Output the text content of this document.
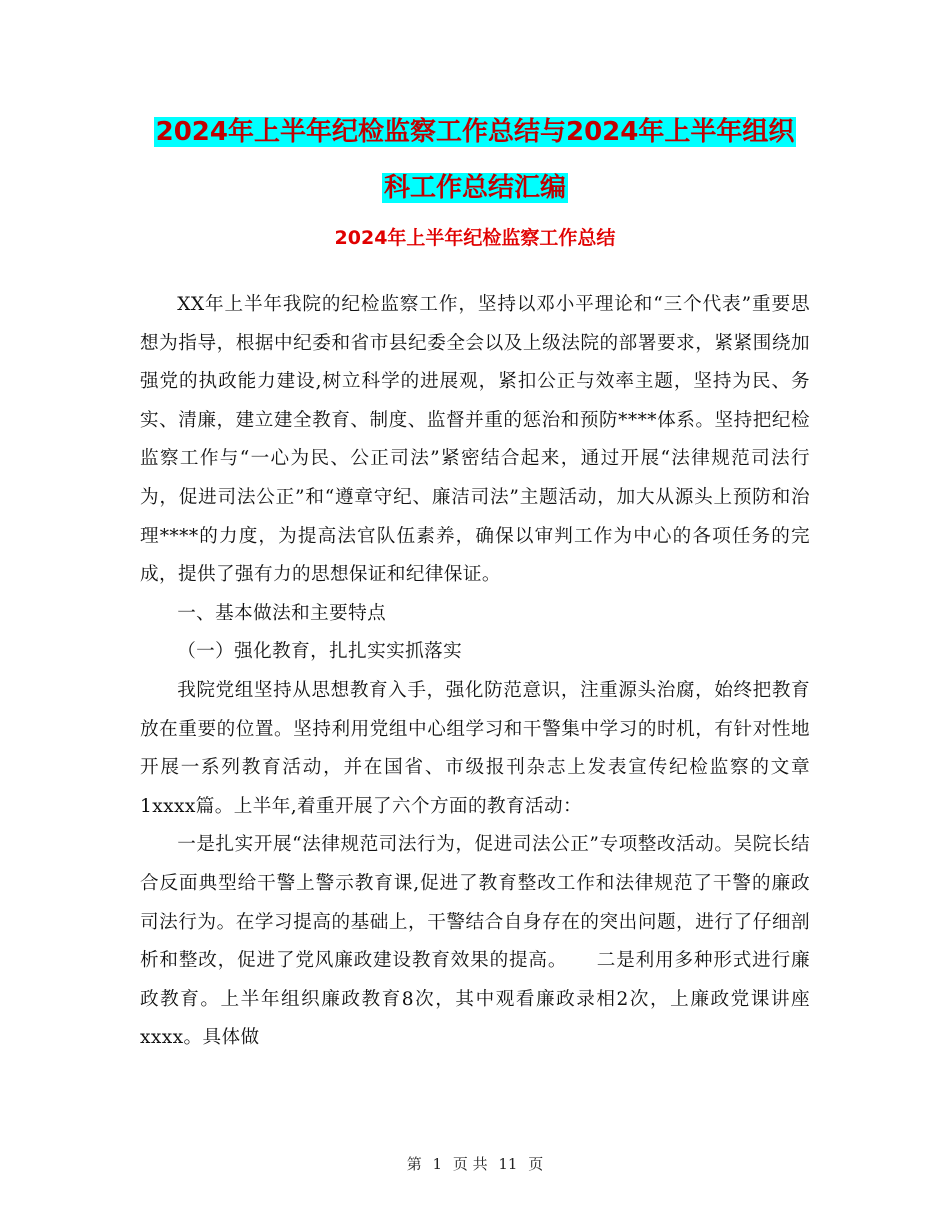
2024年上半年纪检监察工作总结与2024年上半年组织
科工作总结汇编
2024年上半年纪检监察工作总结

XX年上半年我院的纪检监察工作，坚持以邓小平理论和“三个代表”重要思想为指导，根据中纪委和省市县纪委全会以及上级法院的部署要求，紧紧围绕加强党的执政能力建设,树立科学的进展观，紧扣公正与效率主题，坚持为民、务实、清廉，建立建全教育、制度、监督并重的惩治和预防****体系。坚持把纪检监察工作与“一心为民、公正司法”紧密结合起来，通过开展“法律规范司法行为，促进司法公正”和“遵章守纪、廉洁司法”主题活动，加大从源头上预防和治理****的力度，为提高法官队伍素养，确保以审判工作为中心的各项任务的完成，提供了强有力的思想保证和纪律保证。

一、基本做法和主要特点

（一）强化教育，扎扎实实抓落实

我院党组坚持从思想教育入手，强化防范意识，注重源头治腐，始终把教育放在重要的位置。坚持利用党组中心组学习和干警集中学习的时机，有针对性地开展一系列教育活动，并在国省、市级报刊杂志上发表宣传纪检监察的文章1xxxx篇。上半年,着重开展了六个方面的教育活动：

一是扎实开展“法律规范司法行为，促进司法公正”专项整改活动。吴院长结合反面典型给干警上警示教育课,促进了教育整改工作和法律规范了干警的廉政司法行为。在学习提高的基础上，干警结合自身存在的突出问题，进行了仔细剖析和整改，促进了党风廉政建设教育效果的提高。　　二是利用多种形式进行廉政教育。上半年组织廉政教育8次，其中观看廉政录相2次，上廉政党课讲座xxxx。具体做

第 1 页 共 11 页
